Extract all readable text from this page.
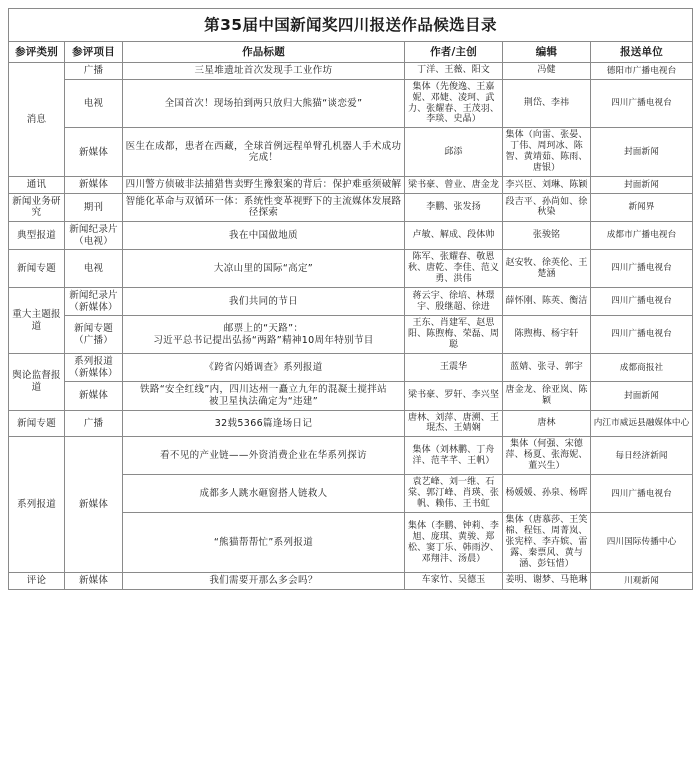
第35届中国新闻奖四川报送作品候选目录					
参评类别	参评项目	作品标题	作者/主创	编辑	报送单位
消息	广播	三星堆遗址首次发现手工业作坊	丁洋、王薇、阳文	冯健	德阳市广播电视台
	电视	全国首次！现场拍到两只放归大熊猫“谈恋爱”	集体（先俊逸、王嘉妮、邓婕、凌珂、武力、张耀春、王茂羽、李琰、史晶）	荆岱、李祎	四川广播电视台
	新媒体	医生在成都，患者在西藏，全球首例远程单臂孔机器人手术成功完成！	邱添	集体（向雷、张晏、丁伟、周珂冰、陈智、黄靖茹、陈雨、唐银）	封面新闻
通讯	新媒体	四川警方侦破非法捕猎售卖野生豫狠案的背后：保护难亟须破解	梁书豪、曾业、唐金龙	李兴臣、刘琳、陈颖	封面新闻
新闻业务研究	期刊	智能化革命与双循环一体：系统性变革视野下的主流媒体发展路径探索	李鹏、张发扬	段吉平、孙尚如、徐秋染	新闻界
典型报道	新闻纪录片（电视）	我在中国做地质	卢敏、解成、段体帅	张骏铭	成都市广播电视台
新闻专题	电视	大凉山里的国际“高定”	陈军、张耀春、敬恩秋、唐乾、李佳、范义勇、洪伟	赵安牧、徐英伦、王楚涵	四川广播电视台
重大主题报道	新闻纪录片（新媒体）	我们共同的节日	蒋云宇、徐培、林璟宇、殷继超、徐进	薛怀刚、陈英、衡洁	四川广播电视台
	新闻专题（广播）	邮票上的“天路”：
习近平总书记提出弘扬“两路”精神10周年特别节目	王东、肖建军、赵思阳、陈煦梅、荣磊、周聪	陈煦梅、杨宇轩	四川广播电视台
舆论监督报道	系列报道（新媒体）	《跨省闪婚调查》系列报道	王震华	蓝婧、张寻、郭宇	成都商报社
	新媒体	铁路“安全红线”内，四川达州一矗立九年的混凝土搅拌站
被卫星执法确定为“违建”	梁书豪、罗轩、李兴坚	唐金龙、徐亚岚、陈颖	封面新闻
新闻专题	广播	32载5366篇逢场日记	唐林、刘萍、唐溯、王琨杰、王婧娴	唐林	内江市威远县融媒体中心
系列报道	新媒体	看不见的产业链——外资消费企业在华系列探访	集体（刘林鹏、丁舟洋、范芊芊、王帆）	集体（何强、宋德萍、杨夏、张海妮、董兴生）	每日经济新闻
		成都多人跳水砸窗搭人链救人	袁艺峰、刘一维、石棠、郭汀峰、肖瑛、张帆、赖伟、王书虹	杨媛媛、孙泉、杨晖	四川广播电视台
		“熊猫帮帮忙”系列报道	集体（李鹏、钟莉、李旭、庞琪、黄骏、郑松、窦丁乐、韩雨汐、邓翔沣、汤晨）	集体（唐慕莎、王笑棉、程钰、周菁岚、张宪梓、李卉嫔、雷露、秦票风、黄与涵、彭钰惜）	四川国际传播中心
评论	新媒体	我们需要开那么多会吗？	车家竹、吴德玉	姜明、谢梦、马艳琳	川观新闻
